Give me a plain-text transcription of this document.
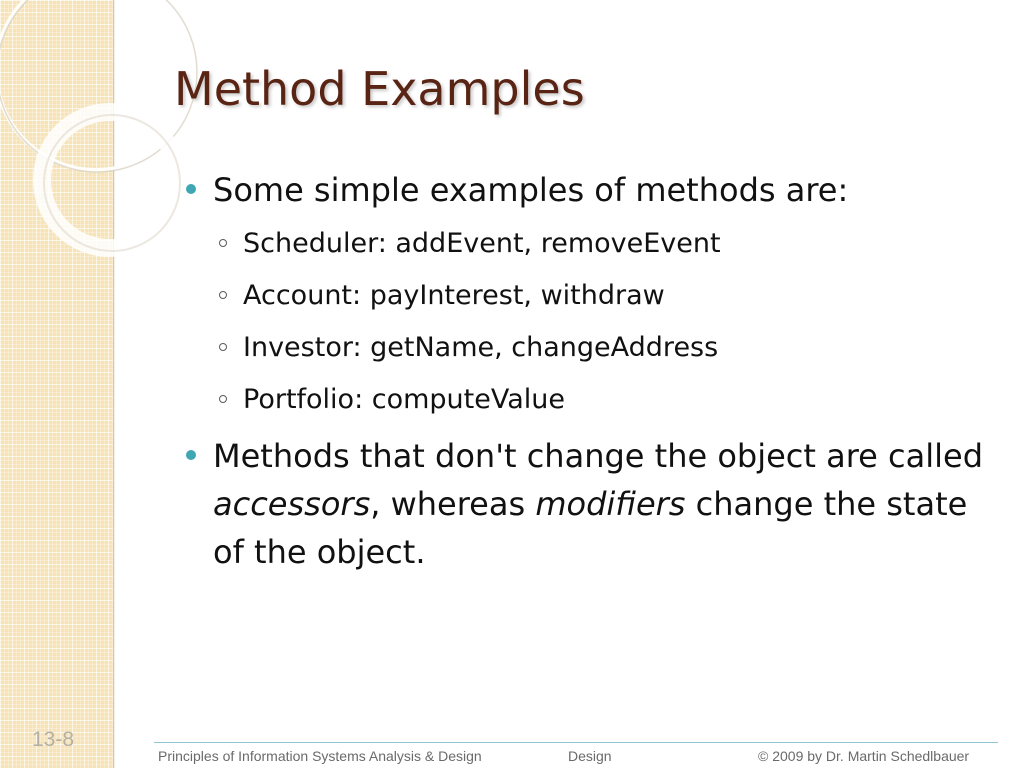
Method Examples
Some simple examples of methods are:
Scheduler: addEvent, removeEvent
Account: payInterest, withdraw
Investor: getName, changeAddress
Portfolio: computeValue
Methods that don't change the object are called accessors, whereas modifiers change the state of the object.
13-8
Principles of Information Systems Analysis & Design	Design	© 2009 by Dr. Martin Schedlbauer
